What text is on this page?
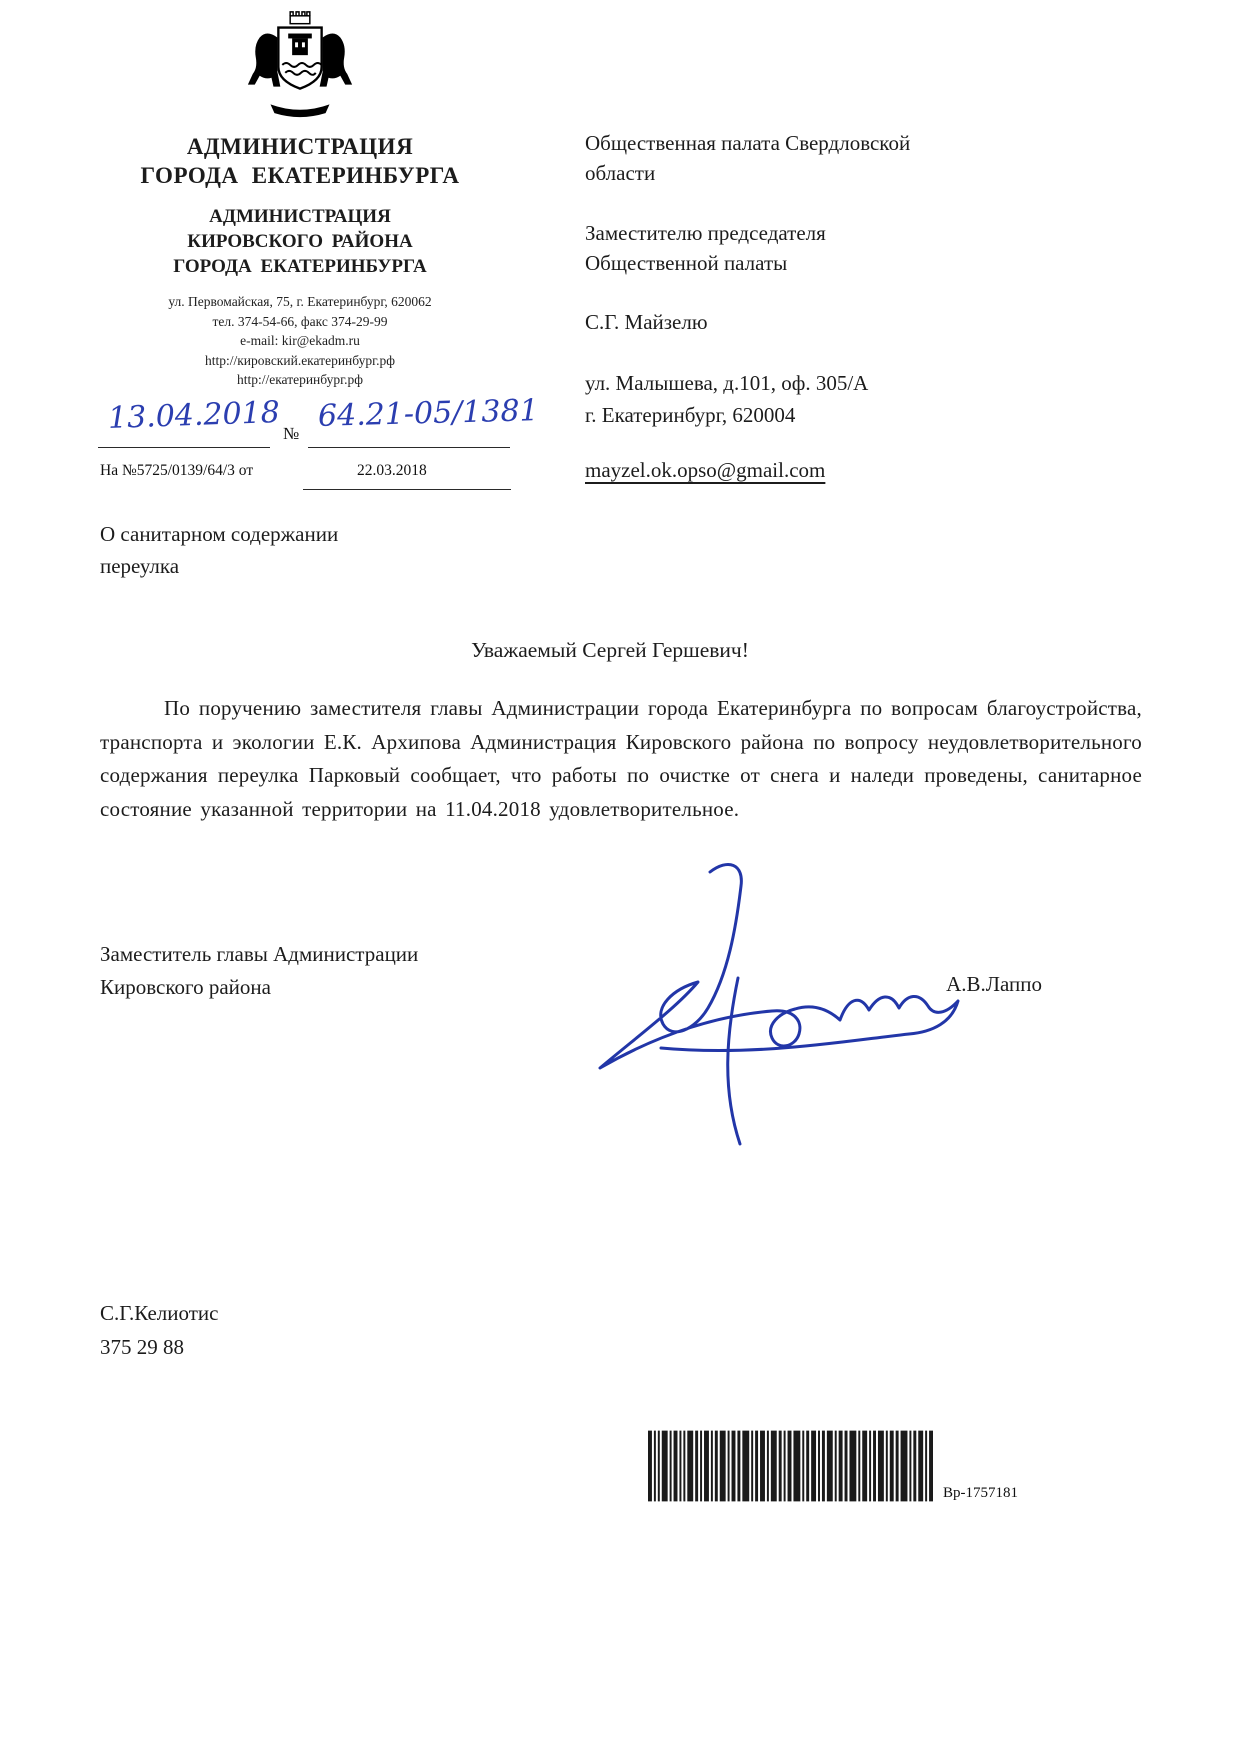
АДМИНИСТРАЦИЯ
ГОРОДА ЕКАТЕРИНБУРГА
АДМИНИСТРАЦИЯ
КИРОВСКОГО РАЙОНА
ГОРОДА ЕКАТЕРИНБУРГА
ул. Первомайская, 75, г. Екатеринбург, 620062
тел. 374-54-66, факс 374-29-99
e-mail: kir@ekadm.ru
http://кировский.екатеринбург.рф
http://екатеринбург.рф
13.04.2018 № 64.21-05/1381
На №5725/0139/64/3 от	22.03.2018
Общественная палата Свердловской области
Заместителю председателя Общественной палаты
С.Г. Майзелю
ул. Малышева, д.101, оф. 305/А
г. Екатеринбург, 620004
mayzel.ok.opso@gmail.com
О санитарном содержании переулка
Уважаемый Сергей Гершевич!
По поручению заместителя главы Администрации города Екатеринбурга по вопросам благоустройства, транспорта и экологии Е.К. Архипова Администрация Кировского района по вопросу неудовлетворительного содержания переулка Парковый сообщает, что работы по очистке от снега и наледи проведены, санитарное состояние указанной территории на 11.04.2018 удовлетворительное.
Заместитель главы Администрации
Кировского района	А.В.Лаппо
С.Г.Келиотис
375 29 88
Bp-1757181
